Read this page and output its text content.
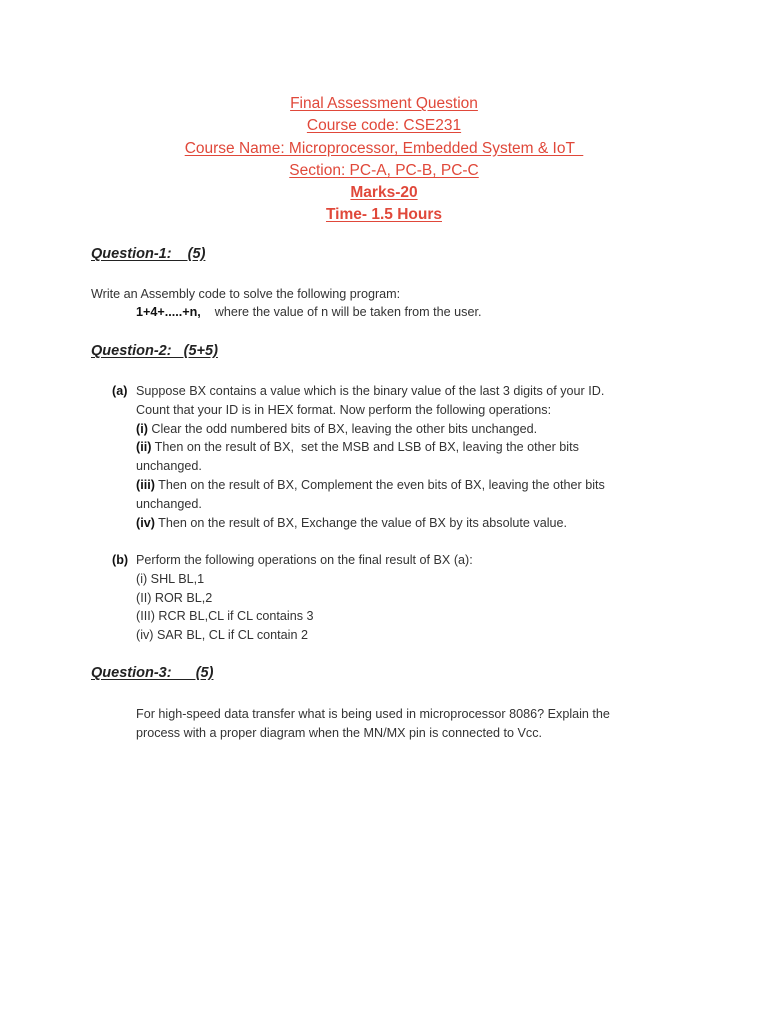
Final Assessment Question
Course code: CSE231
Course Name: Microprocessor, Embedded System & IoT
Section: PC-A, PC-B, PC-C
Marks-20
Time- 1.5 Hours
Question-1:    (5)
Write an Assembly code to solve the following program:
1+4+.....+n, where the value of n will be taken from the user.
Question-2:   (5+5)
(a) Suppose BX contains a value which is the binary value of the last 3 digits of your ID.
Count that your ID is in HEX format. Now perform the following operations:
(i) Clear the odd numbered bits of BX, leaving the other bits unchanged.
(ii) Then on the result of BX,  set the MSB and LSB of BX, leaving the other bits
unchanged.
(iii) Then on the result of BX, Complement the even bits of BX, leaving the other bits
unchanged.
(iv) Then on the result of BX, Exchange the value of BX by its absolute value.
(b) Perform the following operations on the final result of BX (a):
(i) SHL BL,1
(II) ROR BL,2
(III) RCR BL,CL if CL contains 3
(iv) SAR BL, CL if CL contain 2
Question-3:      (5)
For high-speed data transfer what is being used in microprocessor 8086? Explain the
process with a proper diagram when the MN/MX pin is connected to Vcc.
